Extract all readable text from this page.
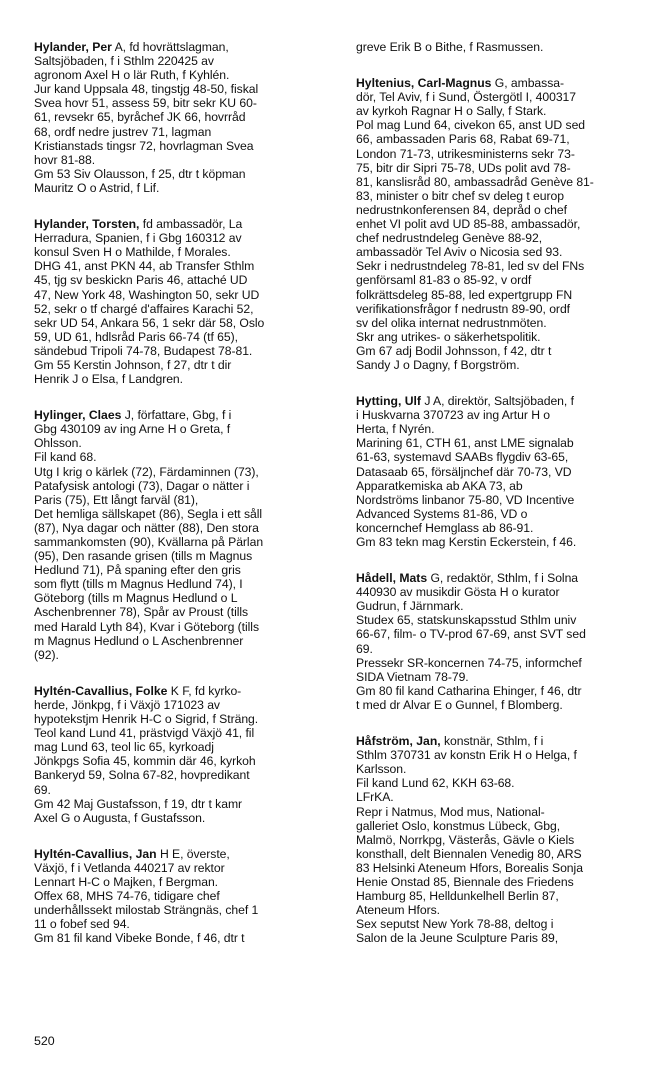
Hylander, Per A, fd hovrättslagman,
Saltsjöbaden, f i Sthlm 220425 av
agronom Axel H o lär Ruth, f Kyhlén.
Jur kand Uppsala 48, tingstjg 48-50, fiskal
Svea hovr 51, assess 59, bitr sekr KU 60-
61, revsekr 65, byråchef JK 66, hovrråd
68, ordf nedre justrev 71, lagman
Kristianstads tingsr 72, hovrlagman Svea
hovr 81-88.
Gm 53 Siv Olausson, f 25, dtr t köpman
Mauritz O o Astrid, f Lif.
Hylander, Torsten, fd ambassadör, La
Herradura, Spanien, f i Gbg 160312 av
konsul Sven H o Mathilde, f Morales.
DHG 41, anst PKN 44, ab Transfer Sthlm
45, tjg sv beskickn Paris 46, attaché UD
47, New York 48, Washington 50, sekr UD
52, sekr o tf chargé d'affaires Karachi 52,
sekr UD 54, Ankara 56, 1 sekr där 58, Oslo
59, UD 61, hdlsråd Paris 66-74 (tf 65),
sändebud Tripoli 74-78, Budapest 78-81.
Gm 55 Kerstin Johnson, f 27, dtr t dir
Henrik J o Elsa, f Landgren.
Hylinger, Claes J, författare, Gbg, f i
Gbg 430109 av ing Arne H o Greta, f
Ohlsson.
Fil kand 68.
Utg I krig o kärlek (72), Färdaminnen (73),
Patafysisk antologi (73), Dagar o nätter i
Paris (75), Ett långt farväl (81),
Det hemliga sällskapet (86), Segla i ett såll
(87), Nya dagar och nätter (88), Den stora
sammankomsten (90), Kvällarna på Pärlan
(95), Den rasande grisen (tills m Magnus
Hedlund 71), På spaning efter den gris
som flytt (tills m Magnus Hedlund 74), I
Göteborg (tills m Magnus Hedlund o L
Aschenbrenner 78), Spår av Proust (tills
med Harald Lyth 84), Kvar i Göteborg (tills
m Magnus Hedlund o L Aschenbrenner
(92).
Hyltén-Cavallius, Folke K F, fd kyrko-
herde, Jönkpg, f i Växjö 171023 av
hypotekstjm Henrik H-C o Sigrid, f Sträng.
Teol kand Lund 41, prästvigd Växjö 41, fil
mag Lund 63, teol lic 65, kyrkoadj
Jönkpgs Sofia 45, kommin där 46, kyrkoh
Bankeryd 59, Solna 67-82, hovpredikant
69.
Gm 42 Maj Gustafsson, f 19, dtr t kamr
Axel G o Augusta, f Gustafsson.
Hyltén-Cavallius, Jan H E, överste,
Växjö, f i Vetlanda 440217 av rektor
Lennart H-C o Majken, f Bergman.
Offex 68, MHS 74-76, tidigare chef
underhållssekt milostab Strängnäs, chef 1
11 o fobef sed 94.
Gm 81 fil kand Vibeke Bonde, f 46, dtr t
greve Erik B o Bithe, f Rasmussen.
Hyltenius, Carl-Magnus G, ambassa-
dör, Tel Aviv, f i Sund, Östergötl I, 400317
av kyrkoh Ragnar H o Sally, f Stark.
Pol mag Lund 64, civekon 65, anst UD sed
66, ambassaden Paris 68, Rabat 69-71,
London 71-73, utrikesministerns sekr 73-
75, bitr dir Sipri 75-78, UDs polit avd 78-
81, kanslisråd 80, ambassadråd Genève 81-
83, minister o bitr chef sv deleg t europ
nedrustnkonferensen 84, depråd o chef
enhet VI polit avd UD 85-88, ambassadör,
chef nedrustndeleg Genève 88-92,
ambassadör Tel Aviv o Nicosia sed 93.
Sekr i nedrustndeleg 78-81, led sv del FNs
genförsaml 81-83 o 85-92, v ordf
folkrättsdeleg 85-88, led expertgrupp FN
verifikationsfrågor f nedrustn 89-90, ordf
sv del olika internat nedrustnmöten.
Skr ang utrikes- o säkerhetspolitik.
Gm 67 adj Bodil Johnsson, f 42, dtr t
Sandy J o Dagny, f Borgström.
Hytting, Ulf J A, direktör, Saltsjöbaden, f
i Huskvarna 370723 av ing Artur H o
Herta, f Nyrén.
Marining 61, CTH 61, anst LME signalab
61-63, systemavd SAABs flygdiv 63-65,
Datasaab 65, försäljnchef där 70-73, VD
Apparatkemiska ab AKA 73, ab
Nordströms linbanor 75-80, VD Incentive
Advanced Systems 81-86, VD o
koncernchef Hemglass ab 86-91.
Gm 83 tekn mag Kerstin Eckerstein, f 46.
Hådell, Mats G, redaktör, Sthlm, f i Solna
440930 av musikdir Gösta H o kurator
Gudrun, f Järnmark.
Studex 65, statskunskapsstud Sthlm univ
66-67, film- o TV-prod 67-69, anst SVT sed
69.
Pressekr SR-koncernen 74-75, informchef
SIDA Vietnam 78-79.
Gm 80 fil kand Catharina Ehinger, f 46, dtr
t med dr Alvar E o Gunnel, f Blomberg.
Håfström, Jan, konstnär, Sthlm, f i
Sthlm 370731 av konstn Erik H o Helga, f
Karlsson.
Fil kand Lund 62, KKH 63-68.
LFrKA.
Repr i Natmus, Mod mus, National-
galleriet Oslo, konstmus Lübeck, Gbg,
Malmö, Norrkpg, Västerås, Gävle o Kiels
konsthall, delt Biennalen Venedig 80, ARS
83 Helsinki Ateneum Hfors, Borealis Sonja
Henie Onstad 85, Biennale des Friedens
Hamburg 85, Helldunkelhell Berlin 87,
Ateneum Hfors.
Sex seputst New York 78-88, deltog i
Salon de la Jeune Sculpture Paris 89,
520
